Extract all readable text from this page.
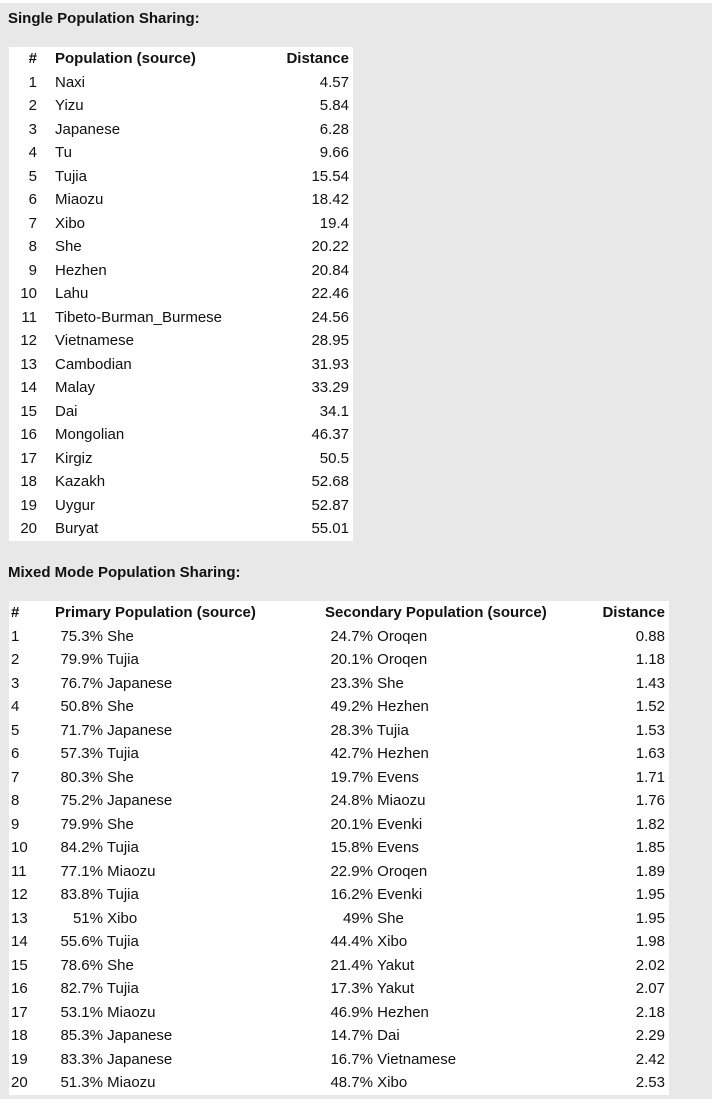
Single Population Sharing:
#	Population (source)	Distance
1	Naxi	4.57
2	Yizu	5.84
3	Japanese	6.28
4	Tu	9.66
5	Tujia	15.54
6	Miaozu	18.42
7	Xibo	19.4
8	She	20.22
9	Hezhen	20.84
10	Lahu	22.46
11	Tibeto-Burman_Burmese	24.56
12	Vietnamese	28.95
13	Cambodian	31.93
14	Malay	33.29
15	Dai	34.1
16	Mongolian	46.37
17	Kirgiz	50.5
18	Kazakh	52.68
19	Uygur	52.87
20	Buryat	55.01
Mixed Mode Population Sharing:
#	Primary Population (source)	Secondary Population (source)	Distance
1	75.3% She	24.7% Oroqen	0.88
2	79.9% Tujia	20.1% Oroqen	1.18
3	76.7% Japanese	23.3% She	1.43
4	50.8% She	49.2% Hezhen	1.52
5	71.7% Japanese	28.3% Tujia	1.53
6	57.3% Tujia	42.7% Hezhen	1.63
7	80.3% She	19.7% Evens	1.71
8	75.2% Japanese	24.8% Miaozu	1.76
9	79.9% She	20.1% Evenki	1.82
10	84.2% Tujia	15.8% Evens	1.85
11	77.1% Miaozu	22.9% Oroqen	1.89
12	83.8% Tujia	16.2% Evenki	1.95
13	51% Xibo	49% She	1.95
14	55.6% Tujia	44.4% Xibo	1.98
15	78.6% She	21.4% Yakut	2.02
16	82.7% Tujia	17.3% Yakut	2.07
17	53.1% Miaozu	46.9% Hezhen	2.18
18	85.3% Japanese	14.7% Dai	2.29
19	83.3% Japanese	16.7% Vietnamese	2.42
20	51.3% Miaozu	48.7% Xibo	2.53
